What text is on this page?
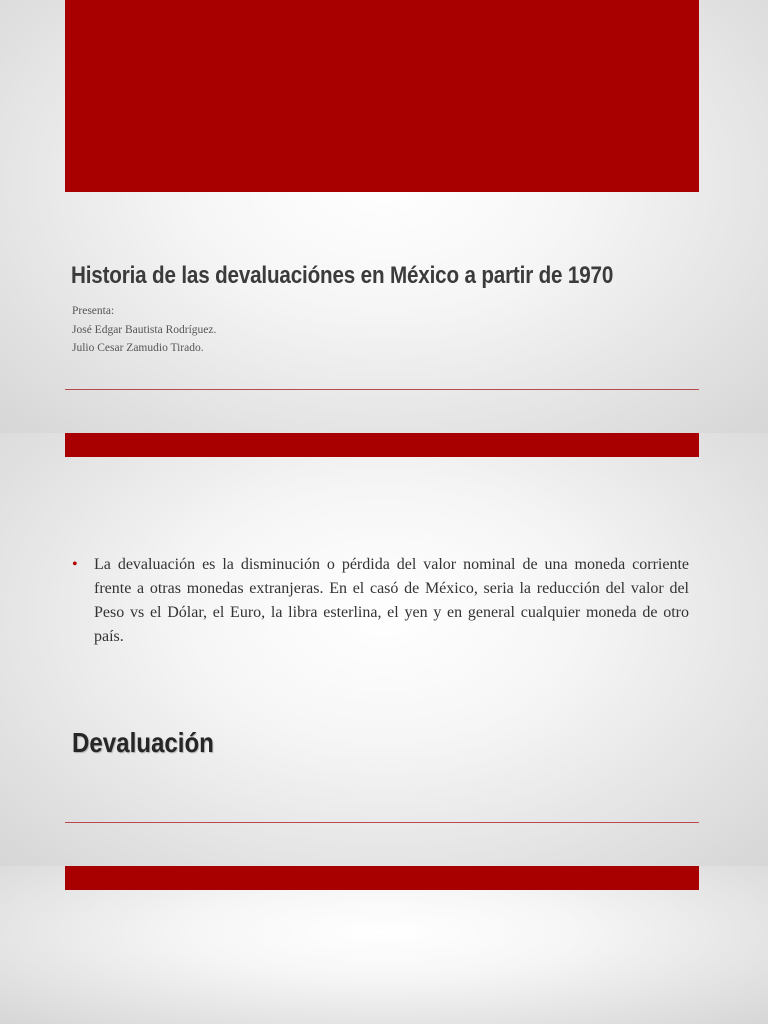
Historia de las devaluaciónes en México a partir de 1970
Presenta:
José Edgar Bautista Rodríguez.
Julio Cesar Zamudio Tirado.
• La devaluación es la disminución o pérdida del valor nominal de una moneda corriente frente a otras monedas extranjeras. En el casó de México, seria la reducción del valor del Peso vs el Dólar, el Euro, la libra esterlina, el yen y en general cualquier moneda de otro país.
Devaluación
